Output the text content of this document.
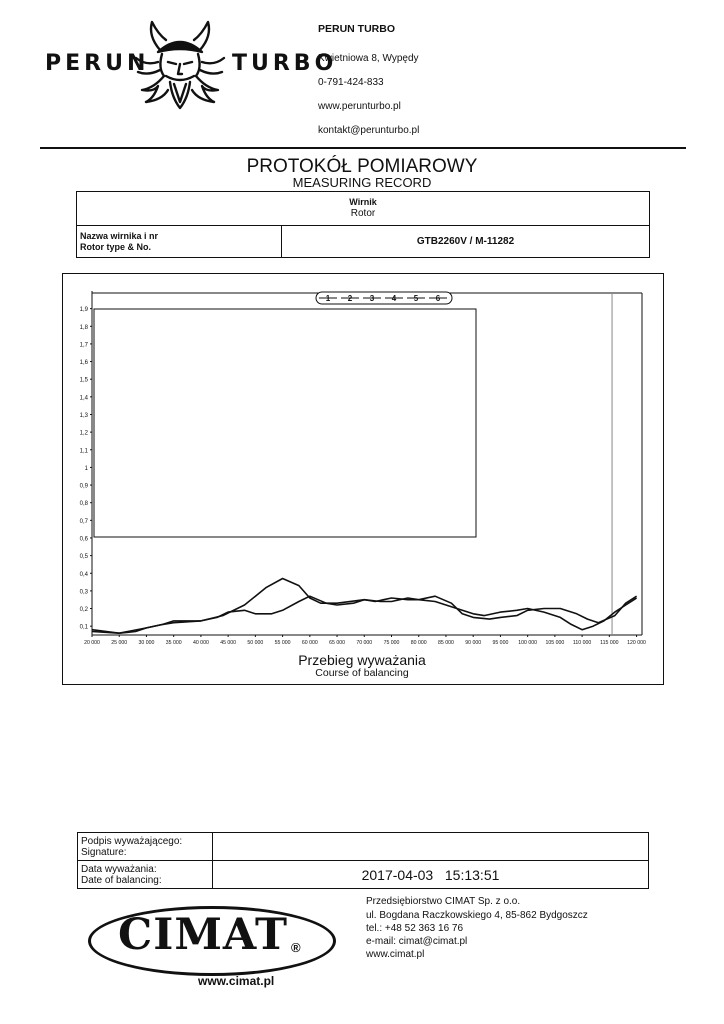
PERUN	TURBO
PERUN TURBO
Kwietniowa 8, Wypędy
0-791-424-833
www.perunturbo.pl
kontakt@perunturbo.pl
PROTOKÓŁ POMIAROWY
MEASURING RECORD
Wirnik
Rotor

Nazwa wirnika i nr
Rotor type & No.	GTB2260V / M-11282
0,1
0,2
0,3
0,4
0,5
0,6
0,7
0,8
0,9
1
1,1
1,2
1,3
1,4
1,5
1,6
1,7
1,8
1,9
20 000 25 000 30 000 35 000 40 000 45 000 50 000 55 000 60 000 65 000 70 000 75 000 80 000 85 000 90 000 95 000 100 000 105 000 110 000 115 000 120 000
1 2 3 4 5 6
Przebieg wyważania
Course of balancing
Podpis wyważającego:
Signature:	

Data wyważania:
Date of balancing:	2017-04-03   15:13:51
CIMAT ®
www.cimat.pl
Przedsiębiorstwo CIMAT Sp. z o.o.
ul. Bogdana Raczkowskiego 4, 85-862 Bydgoszcz
tel.: +48 52 363 16 76
e-mail: cimat@cimat.pl
www.cimat.pl
